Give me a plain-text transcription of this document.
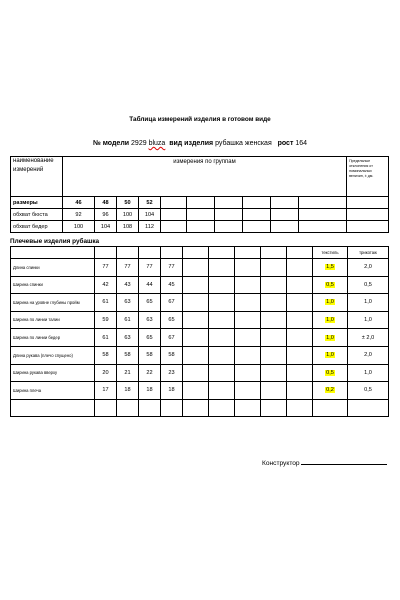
Таблица измерений изделия в готовом виде
№ модели 2929 bluza вид изделия рубашка женская рост 164
наименование измерений	измерения по группам										Предельные отклонения от номинальных величин, ± дм.
размеры	46	48	50	52							
обхват бюста	92	96	100	104							
обхват бедер	100	104	108	112							
Плечевые изделия рубашка
										текстиль	трикотаж
Длина спинки	77	77	77	77						1,5	2,0
Ширина спинки	42	43	44	45						0,5	0,5
Ширина на уровне глубины пройм	61	63	65	67						1,0	1,0
Ширина по линии талии	59	61	63	65						1,0	1,0
Ширина по линии бедер	61	63	65	67						1,0	± 2,0
Длина рукава (плечо спущено)	58	58	58	58						1,0	2,0
Ширина рукава вверху	20	21	22	23						0,5	1,0
Ширина плеча	17	18	18	18						0,2	0,5

Конструктор
